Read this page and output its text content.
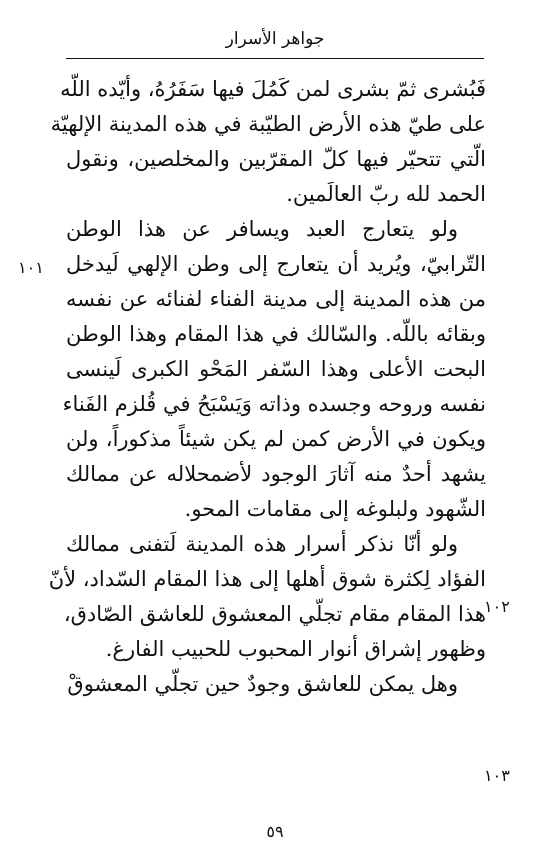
جواهر الأسرار

فَبُشرى ثمّ بشرى لمن كَمُلَ فيها سَفَرُهُ، وأيّده اللّه
على طيّ هذه الأرض الطيّبة في هذه المدينة الإلهيّة
الّتي تتحيّر فيها كلّ المقرّبين والمخلصين، ونقول
الحمد لله ربّ العالَمين.

ولو يتعارج العبد ويسافر عن هذا الوطن
التّرابيّ، ويُريد أن يتعارج إلى وطن الإلهي لَيدخل
من هذه المدينة إلى مدينة الفناء لفنائه عن نفسه
وبقائه باللّه. والسّالك في هذا المقام وهذا الوطن
البحت الأعلى وهذا السّفر المَحْو الكبرى لَينسى
نفسه وروحه وجسده وذاته وَيَسْبَحُ في قُلزم الفَناء
ويكون في الأرض كمن لم يكن شيئاً مذكوراً، ولن
يشهد أحدٌ منه آثارَ الوجود لأضمحلاله عن ممالك
الشّهود ولبلوغه إلى مقامات المحو.

ولو أنّا نذكر أسرار هذه المدينة لَتفنى ممالك
الفؤاد لِكثرة شوق أهلها إلى هذا المقام السّداد، لأنّ
هذا المقام مقام تجلّي المعشوق للعاشق الصّادق،
وظهور إشراق أنوار المحبوب للحبيب الفارغ.

وهل يمكن للعاشق وجودٌ حين تجلّي المعشوقْ

١٠١
١٠٢
١٠٣
٥٩
